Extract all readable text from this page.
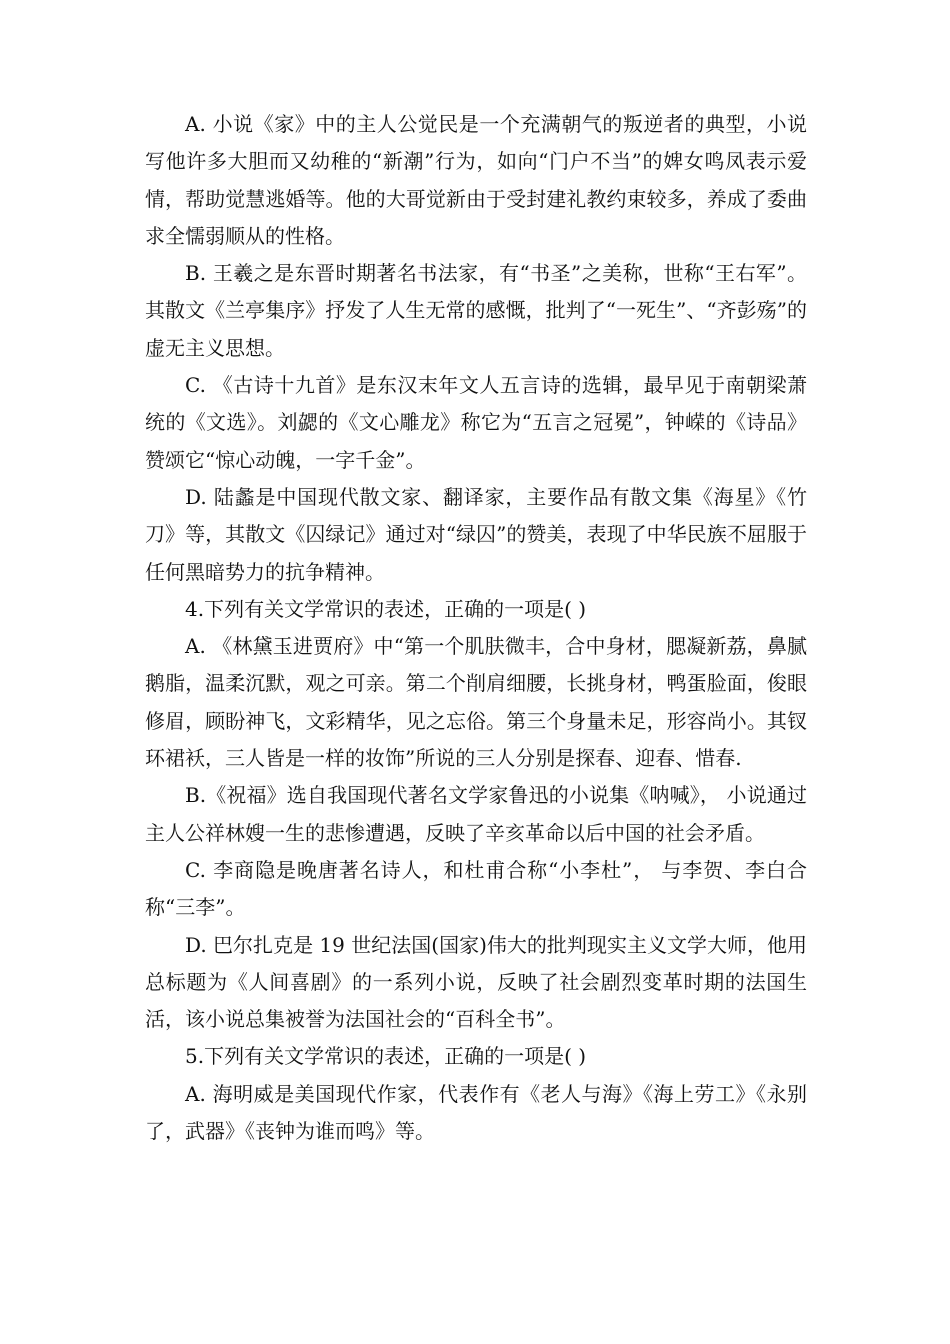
A. 小说《家》中的主人公觉民是一个充满朝气的叛逆者的典型，小说写他许多大胆而又幼稚的“新潮”行为，如向“门户不当”的婢女鸣凤表示爱情，帮助觉慧逃婚等。他的大哥觉新由于受封建礼教约束较多，养成了委曲求全懦弱顺从的性格。

B. 王羲之是东晋时期著名书法家，有“书圣”之美称，世称“王右军”。其散文《兰亭集序》抒发了人生无常的感慨，批判了“一死生”、“齐彭殇”的虚无主义思想。

C. 《古诗十九首》是东汉末年文人五言诗的选辑，最早见于南朝梁萧统的《文选》。刘勰的《文心雕龙》称它为“五言之冠冕”，钟嵘的《诗品》赞颂它“惊心动魄，一字千金”。

D. 陆蠡是中国现代散文家、翻译家，主要作品有散文集《海星》《竹刀》等，其散文《囚绿记》通过对“绿囚”的赞美，表现了中华民族不屈服于任何黑暗势力的抗争精神。

4.下列有关文学常识的表述，正确的一项是( )

A. 《林黛玉进贾府》中“第一个肌肤微丰，合中身材，腮凝新荔，鼻腻鹅脂，温柔沉默，观之可亲。第二个削肩细腰，长挑身材，鸭蛋脸面，俊眼修眉，顾盼神飞，文彩精华，见之忘俗。第三个身量未足，形容尚小。其钗环裙袄，三人皆是一样的妆饰”所说的三人分别是探春、迎春、惜春.

B.《祝福》选自我国现代著名文学家鲁迅的小说集《呐喊》， 小说通过主人公祥林嫂一生的悲惨遭遇，反映了辛亥革命以后中国的社会矛盾。

C. 李商隐是晚唐著名诗人，和杜甫合称“小李杜”， 与李贺、李白合称“三李”。

D. 巴尔扎克是 19 世纪法国(国家)伟大的批判现实主义文学大师，他用总标题为《人间喜剧》的一系列小说，反映了社会剧烈变革时期的法国生活，该小说总集被誉为法国社会的“百科全书”。

5.下列有关文学常识的表述，正确的一项是( )

A. 海明威是美国现代作家，代表作有《老人与海》《海上劳工》《永别了，武器》《丧钟为谁而鸣》等。
